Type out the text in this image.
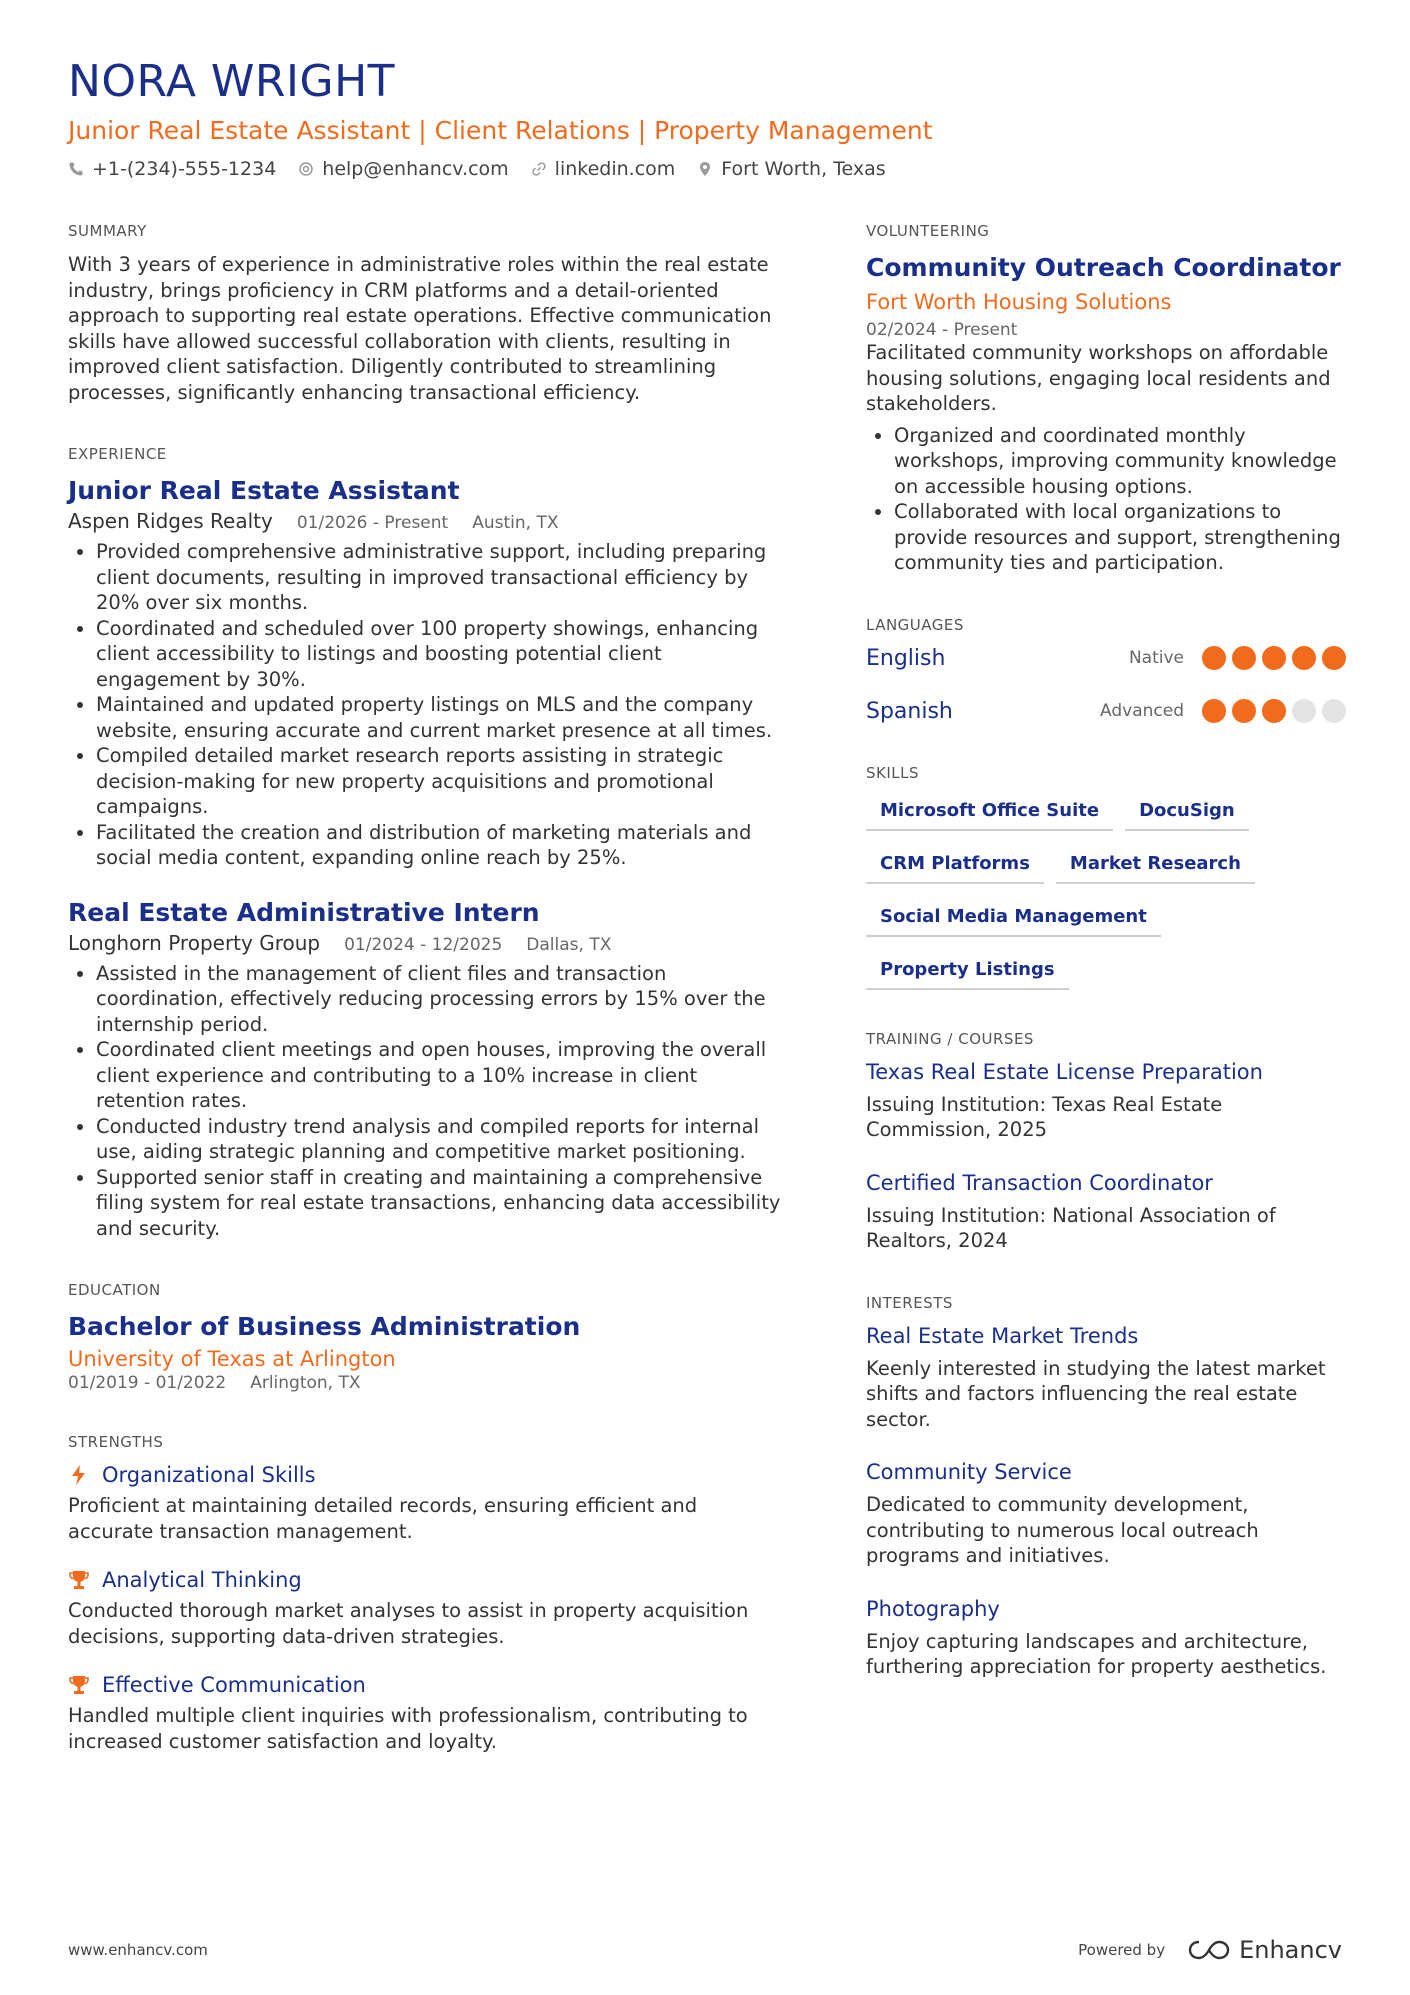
NORA WRIGHT
Junior Real Estate Assistant | Client Relations | Property Management
+1-(234)-555-1234 help@enhancv.com linkedin.com Fort Worth, Texas
SUMMARY

With 3 years of experience in administrative roles within the real estate industry, brings proficiency in CRM platforms and a detail-oriented approach to supporting real estate operations. Effective communication skills have allowed successful collaboration with clients, resulting in improved client satisfaction. Diligently contributed to streamlining processes, significantly enhancing transactional efficiency.

EXPERIENCE
Junior Real Estate Assistant
Aspen Ridges Realty 01/2026 - Present Austin, TX
• Provided comprehensive administrative support, including preparing client documents, resulting in improved transactional efficiency by 20% over six months.
• Coordinated and scheduled over 100 property showings, enhancing client accessibility to listings and boosting potential client engagement by 30%.
• Maintained and updated property listings on MLS and the company website, ensuring accurate and current market presence at all times.
• Compiled detailed market research reports assisting in strategic decision-making for new property acquisitions and promotional campaigns.
• Facilitated the creation and distribution of marketing materials and social media content, expanding online reach by 25%.
Real Estate Administrative Intern
Longhorn Property Group 01/2024 - 12/2025 Dallas, TX
• Assisted in the management of client files and transaction coordination, effectively reducing processing errors by 15% over the internship period.
• Coordinated client meetings and open houses, improving the overall client experience and contributing to a 10% increase in client retention rates.
• Conducted industry trend analysis and compiled reports for internal use, aiding strategic planning and competitive market positioning.
• Supported senior staff in creating and maintaining a comprehensive filing system for real estate transactions, enhancing data accessibility and security.
EDUCATION
Bachelor of Business Administration
University of Texas at Arlington
01/2019 - 01/2022 Arlington, TX
STRENGTHS
Organizational Skills

Proficient at maintaining detailed records, ensuring efficient and accurate transaction management.

Analytical Thinking

Conducted thorough market analyses to assist in property acquisition decisions, supporting data-driven strategies.

Effective Communication

Handled multiple client inquiries with professionalism, contributing to increased customer satisfaction and loyalty.

VOLUNTEERING
Community Outreach Coordinator
Fort Worth Housing Solutions
02/2024 - Present

Facilitated community workshops on affordable housing solutions, engaging local residents and stakeholders.

• Organized and coordinated monthly workshops, improving community knowledge on accessible housing options.
• Collaborated with local organizations to provide resources and support, strengthening community ties and participation.
LANGUAGES
English	Native
Spanish	Advanced
SKILLS
Microsoft Office Suite	DocuSign
CRM Platforms	Market Research
Social Media Management
Property Listings
TRAINING / COURSES
Texas Real Estate License Preparation

Issuing Institution: Texas Real Estate Commission, 2025

Certified Transaction Coordinator

Issuing Institution: National Association of Realtors, 2024

INTERESTS
Real Estate Market Trends

Keenly interested in studying the latest market shifts and factors influencing the real estate sector.

Community Service

Dedicated to community development, contributing to numerous local outreach programs and initiatives.

Photography

Enjoy capturing landscapes and architecture, furthering appreciation for property aesthetics.

www.enhancv.com	Powered by	Enhancv
